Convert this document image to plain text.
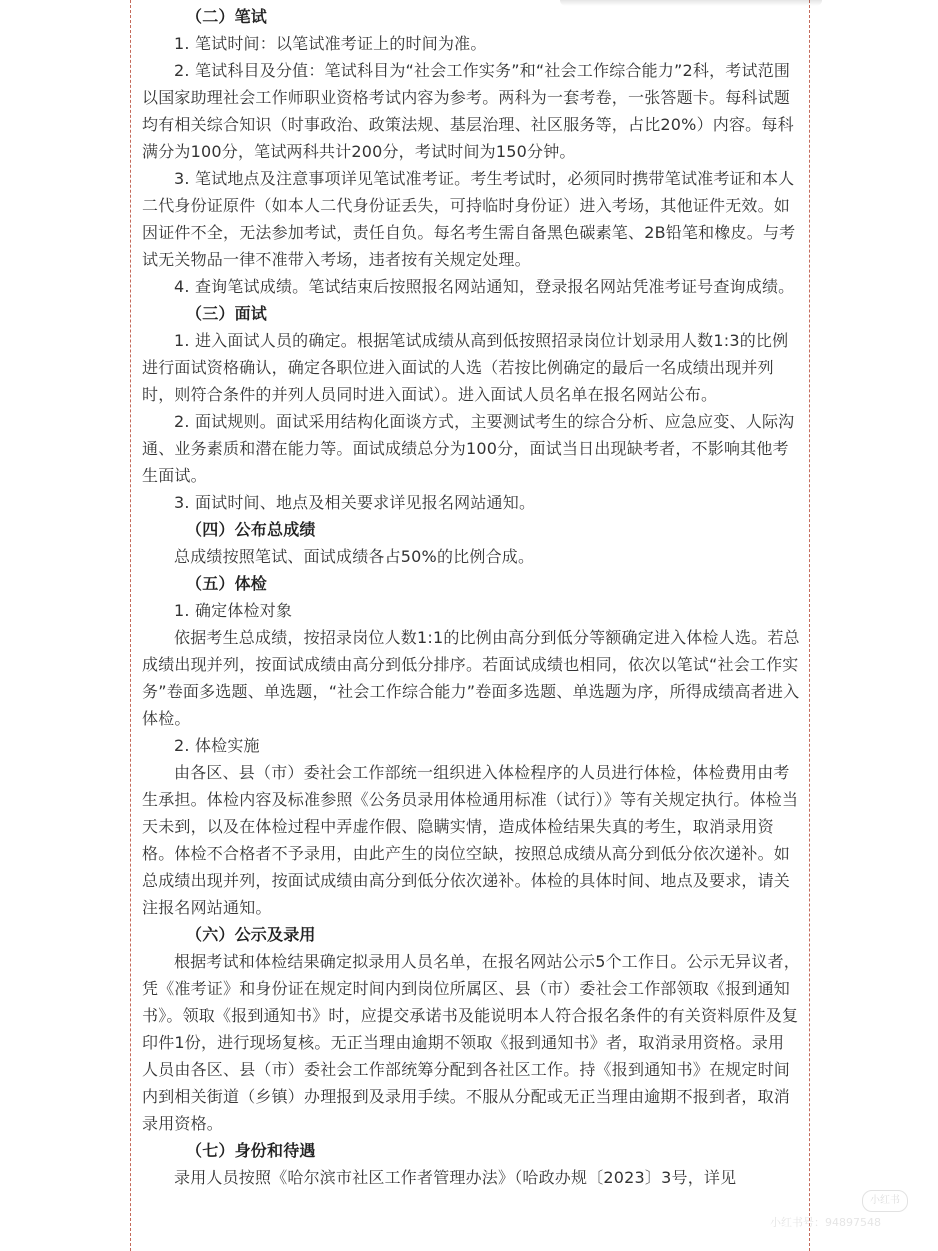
（二）笔试

1. 笔试时间：以笔试准考证上的时间为准。

2. 笔试科目及分值：笔试科目为“社会工作实务”和“社会工作综合能力”2科，考试范围以国家助理社会工作师职业资格考试内容为参考。两科为一套考卷，一张答题卡。每科试题均有相关综合知识（时事政治、政策法规、基层治理、社区服务等，占比20%）内容。每科满分为100分，笔试两科共计200分，考试时间为150分钟。

3. 笔试地点及注意事项详见笔试准考证。考生考试时，必须同时携带笔试准考证和本人二代身份证原件（如本人二代身份证丢失，可持临时身份证）进入考场，其他证件无效。如因证件不全，无法参加考试，责任自负。每名考生需自备黑色碳素笔、2B铅笔和橡皮。与考试无关物品一律不准带入考场，违者按有关规定处理。

4. 查询笔试成绩。笔试结束后按照报名网站通知，登录报名网站凭准考证号查询成绩。

（三）面试

1. 进入面试人员的确定。根据笔试成绩从高到低按照招录岗位计划录用人数1:3的比例进行面试资格确认，确定各职位进入面试的人选（若按比例确定的最后一名成绩出现并列时，则符合条件的并列人员同时进入面试）。进入面试人员名单在报名网站公布。

2. 面试规则。面试采用结构化面谈方式，主要测试考生的综合分析、应急应变、人际沟通、业务素质和潜在能力等。面试成绩总分为100分，面试当日出现缺考者，不影响其他考生面试。

3. 面试时间、地点及相关要求详见报名网站通知。

（四）公布总成绩

总成绩按照笔试、面试成绩各占50%的比例合成。

（五）体检

1. 确定体检对象

依据考生总成绩，按招录岗位人数1:1的比例由高分到低分等额确定进入体检人选。若总成绩出现并列，按面试成绩由高分到低分排序。若面试成绩也相同，依次以笔试“社会工作实务”卷面多选题、单选题，“社会工作综合能力”卷面多选题、单选题为序，所得成绩高者进入体检。

2. 体检实施

由各区、县（市）委社会工作部统一组织进入体检程序的人员进行体检，体检费用由考生承担。体检内容及标准参照《公务员录用体检通用标准（试行）》等有关规定执行。体检当天未到，以及在体检过程中弄虚作假、隐瞒实情，造成体检结果失真的考生，取消录用资格。体检不合格者不予录用，由此产生的岗位空缺，按照总成绩从高分到低分依次递补。如总成绩出现并列，按面试成绩由高分到低分依次递补。体检的具体时间、地点及要求，请关注报名网站通知。

（六）公示及录用

根据考试和体检结果确定拟录用人员名单，在报名网站公示5个工作日。公示无异议者，凭《准考证》和身份证在规定时间内到岗位所属区、县（市）委社会工作部领取《报到通知书》。领取《报到通知书》时，应提交承诺书及能说明本人符合报名条件的有关资料原件及复印件1份，进行现场复核。无正当理由逾期不领取《报到通知书》者，取消录用资格。录用人员由各区、县（市）委社会工作部统筹分配到各社区工作。持《报到通知书》在规定时间内到相关街道（乡镇）办理报到及录用手续。不服从分配或无正当理由逾期不报到者，取消录用资格。

（七）身份和待遇

录用人员按照《哈尔滨市社区工作者管理办法》（哈政办规〔2023〕3号，详见

小红书
小红书号：9489754​8
